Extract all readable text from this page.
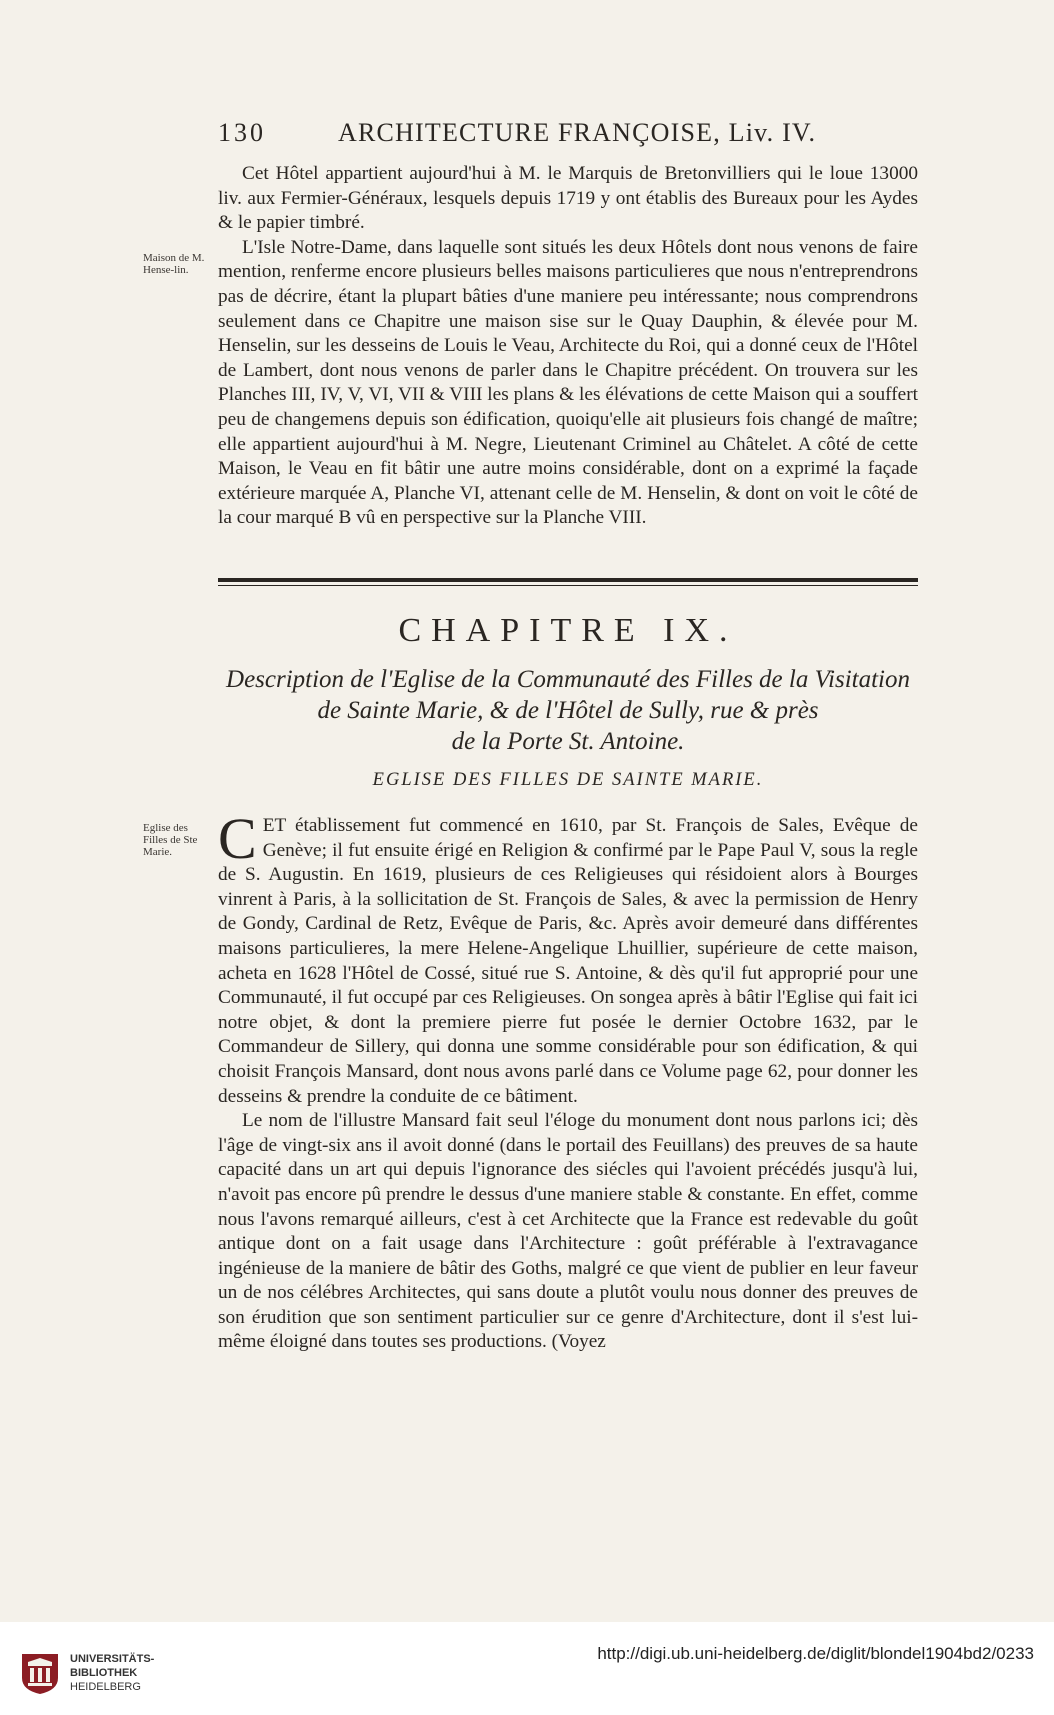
130	ARCHITECTURE FRANÇOISE, Liv. IV.
Maison de M. Hense-lin.

Cet Hôtel appartient aujourd'hui à M. le Marquis de Bretonvilliers qui le loue 13000 liv. aux Fermier-Généraux, lesquels depuis 1719 y ont établis des Bureaux pour les Aydes & le papier timbré.

L'Isle Notre-Dame, dans laquelle sont situés les deux Hôtels dont nous venons de faire mention, renferme encore plusieurs belles maisons particulieres que nous n'entreprendrons pas de décrire, étant la plupart bâties d'une maniere peu intéressante; nous comprendrons seulement dans ce Chapitre une maison sise sur le Quay Dauphin, & élevée pour M. Henselin, sur les desseins de Louis le Veau, Architecte du Roi, qui a donné ceux de l'Hôtel de Lambert, dont nous venons de parler dans le Chapitre précédent. On trouvera sur les Planches III, IV, V, VI, VII & VIII les plans & les élévations de cette Maison qui a souffert peu de changemens depuis son édification, quoiqu'elle ait plusieurs fois changé de maître; elle appartient aujourd'hui à M. Negre, Lieutenant Criminel au Châtelet. A côté de cette Maison, le Veau en fit bâtir une autre moins considérable, dont on a exprimé la façade extérieure marquée A, Planche VI, attenant celle de M. Henselin, & dont on voit le côté de la cour marqué B vû en perspective sur la Planche VIII.

CHAPITRE IX.
Description de l'Eglise de la Communauté des Filles de la Visitation
de Sainte Marie, & de l'Hôtel de Sully, rue & près
de la Porte St. Antoine.
EGLISE DES FILLES DE SAINTE MARIE.
Eglise des Filles de Ste Marie. CET établissement fut commencé en 1610, par St. François de Sales, Evêque de Genève; il fut ensuite érigé en Religion & confirmé par le Pape Paul V, sous la regle de S. Augustin. En 1619, plusieurs de ces Religieuses qui résidoient alors à Bourges vinrent à Paris, à la sollicitation de St. François de Sales, & avec la permission de Henry de Gondy, Cardinal de Retz, Evêque de Paris, &c. Après avoir demeuré dans différentes maisons particulieres, la mere Helene-Angelique Lhuillier, supérieure de cette maison, acheta en 1628 l'Hôtel de Cossé, situé rue S. Antoine, & dès qu'il fut approprié pour une Communauté, il fut occupé par ces Religieuses. On songea après à bâtir l'Eglise qui fait ici notre objet, & dont la premiere pierre fut posée le dernier Octobre 1632, par le Commandeur de Sillery, qui donna une somme considérable pour son édification, & qui choisit François Mansard, dont nous avons parlé dans ce Volume page 62, pour donner les desseins & prendre la conduite de ce bâtiment.

Le nom de l'illustre Mansard fait seul l'éloge du monument dont nous parlons ici; dès l'âge de vingt-six ans il avoit donné (dans le portail des Feuillans) des preuves de sa haute capacité dans un art qui depuis l'ignorance des siécles qui l'avoient précédés jusqu'à lui, n'avoit pas encore pû prendre le dessus d'une maniere stable & constante. En effet, comme nous l'avons remarqué ailleurs, c'est à cet Architecte que la France est redevable du goût antique dont on a fait usage dans l'Architecture : goût préférable à l'extravagance ingénieuse de la maniere de bâtir des Goths, malgré ce que vient de publier en leur faveur un de nos célébres Architectes, qui sans doute a plutôt voulu nous donner des preuves de son érudition que son sentiment particulier sur ce genre d'Architecture, dont il s'est lui-même éloigné dans toutes ses productions. (Voyez

UNIVERSITÄTS-
BIBLIOTHEK
HEIDELBERG
http://digi.ub.uni-heidelberg.de/diglit/blondel1904bd2/0233
